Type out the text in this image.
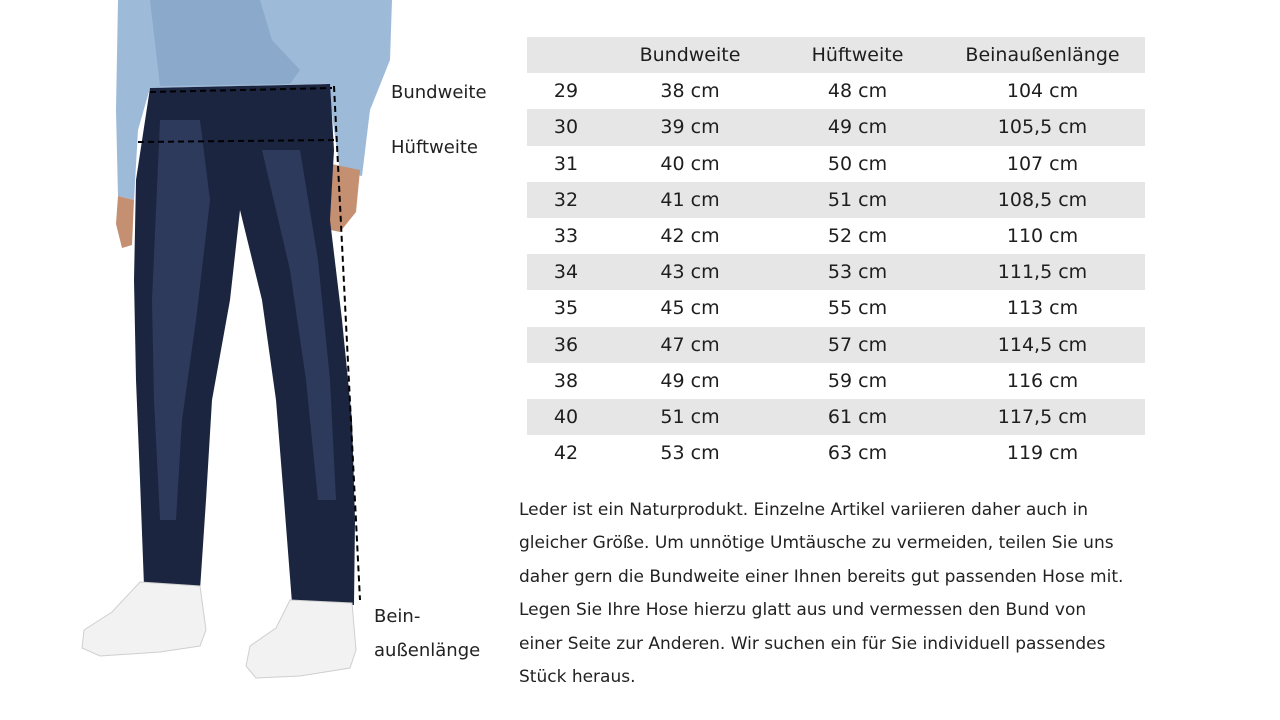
Bundweite
Hüftweite
Bein-
außenlänge
	Bundweite	Hüftweite	Beinaußenlänge
29	38 cm	48 cm	104 cm
30	39 cm	49 cm	105,5 cm
31	40 cm	50 cm	107 cm
32	41 cm	51 cm	108,5 cm
33	42 cm	52 cm	110 cm
34	43 cm	53 cm	111,5 cm
35	45 cm	55 cm	113 cm
36	47 cm	57 cm	114,5 cm
38	49 cm	59 cm	116 cm
40	51 cm	61 cm	117,5 cm
42	53 cm	63 cm	119 cm
Leder ist ein Naturprodukt. Einzelne Artikel variieren daher auch in
gleicher Größe. Um unnötige Umtäusche zu vermeiden, teilen Sie uns
daher gern die Bundweite einer Ihnen bereits gut passenden Hose mit.
Legen Sie Ihre Hose hierzu glatt aus und vermessen den Bund von
einer Seite zur Anderen. Wir suchen ein für Sie individuell passendes
Stück heraus.
